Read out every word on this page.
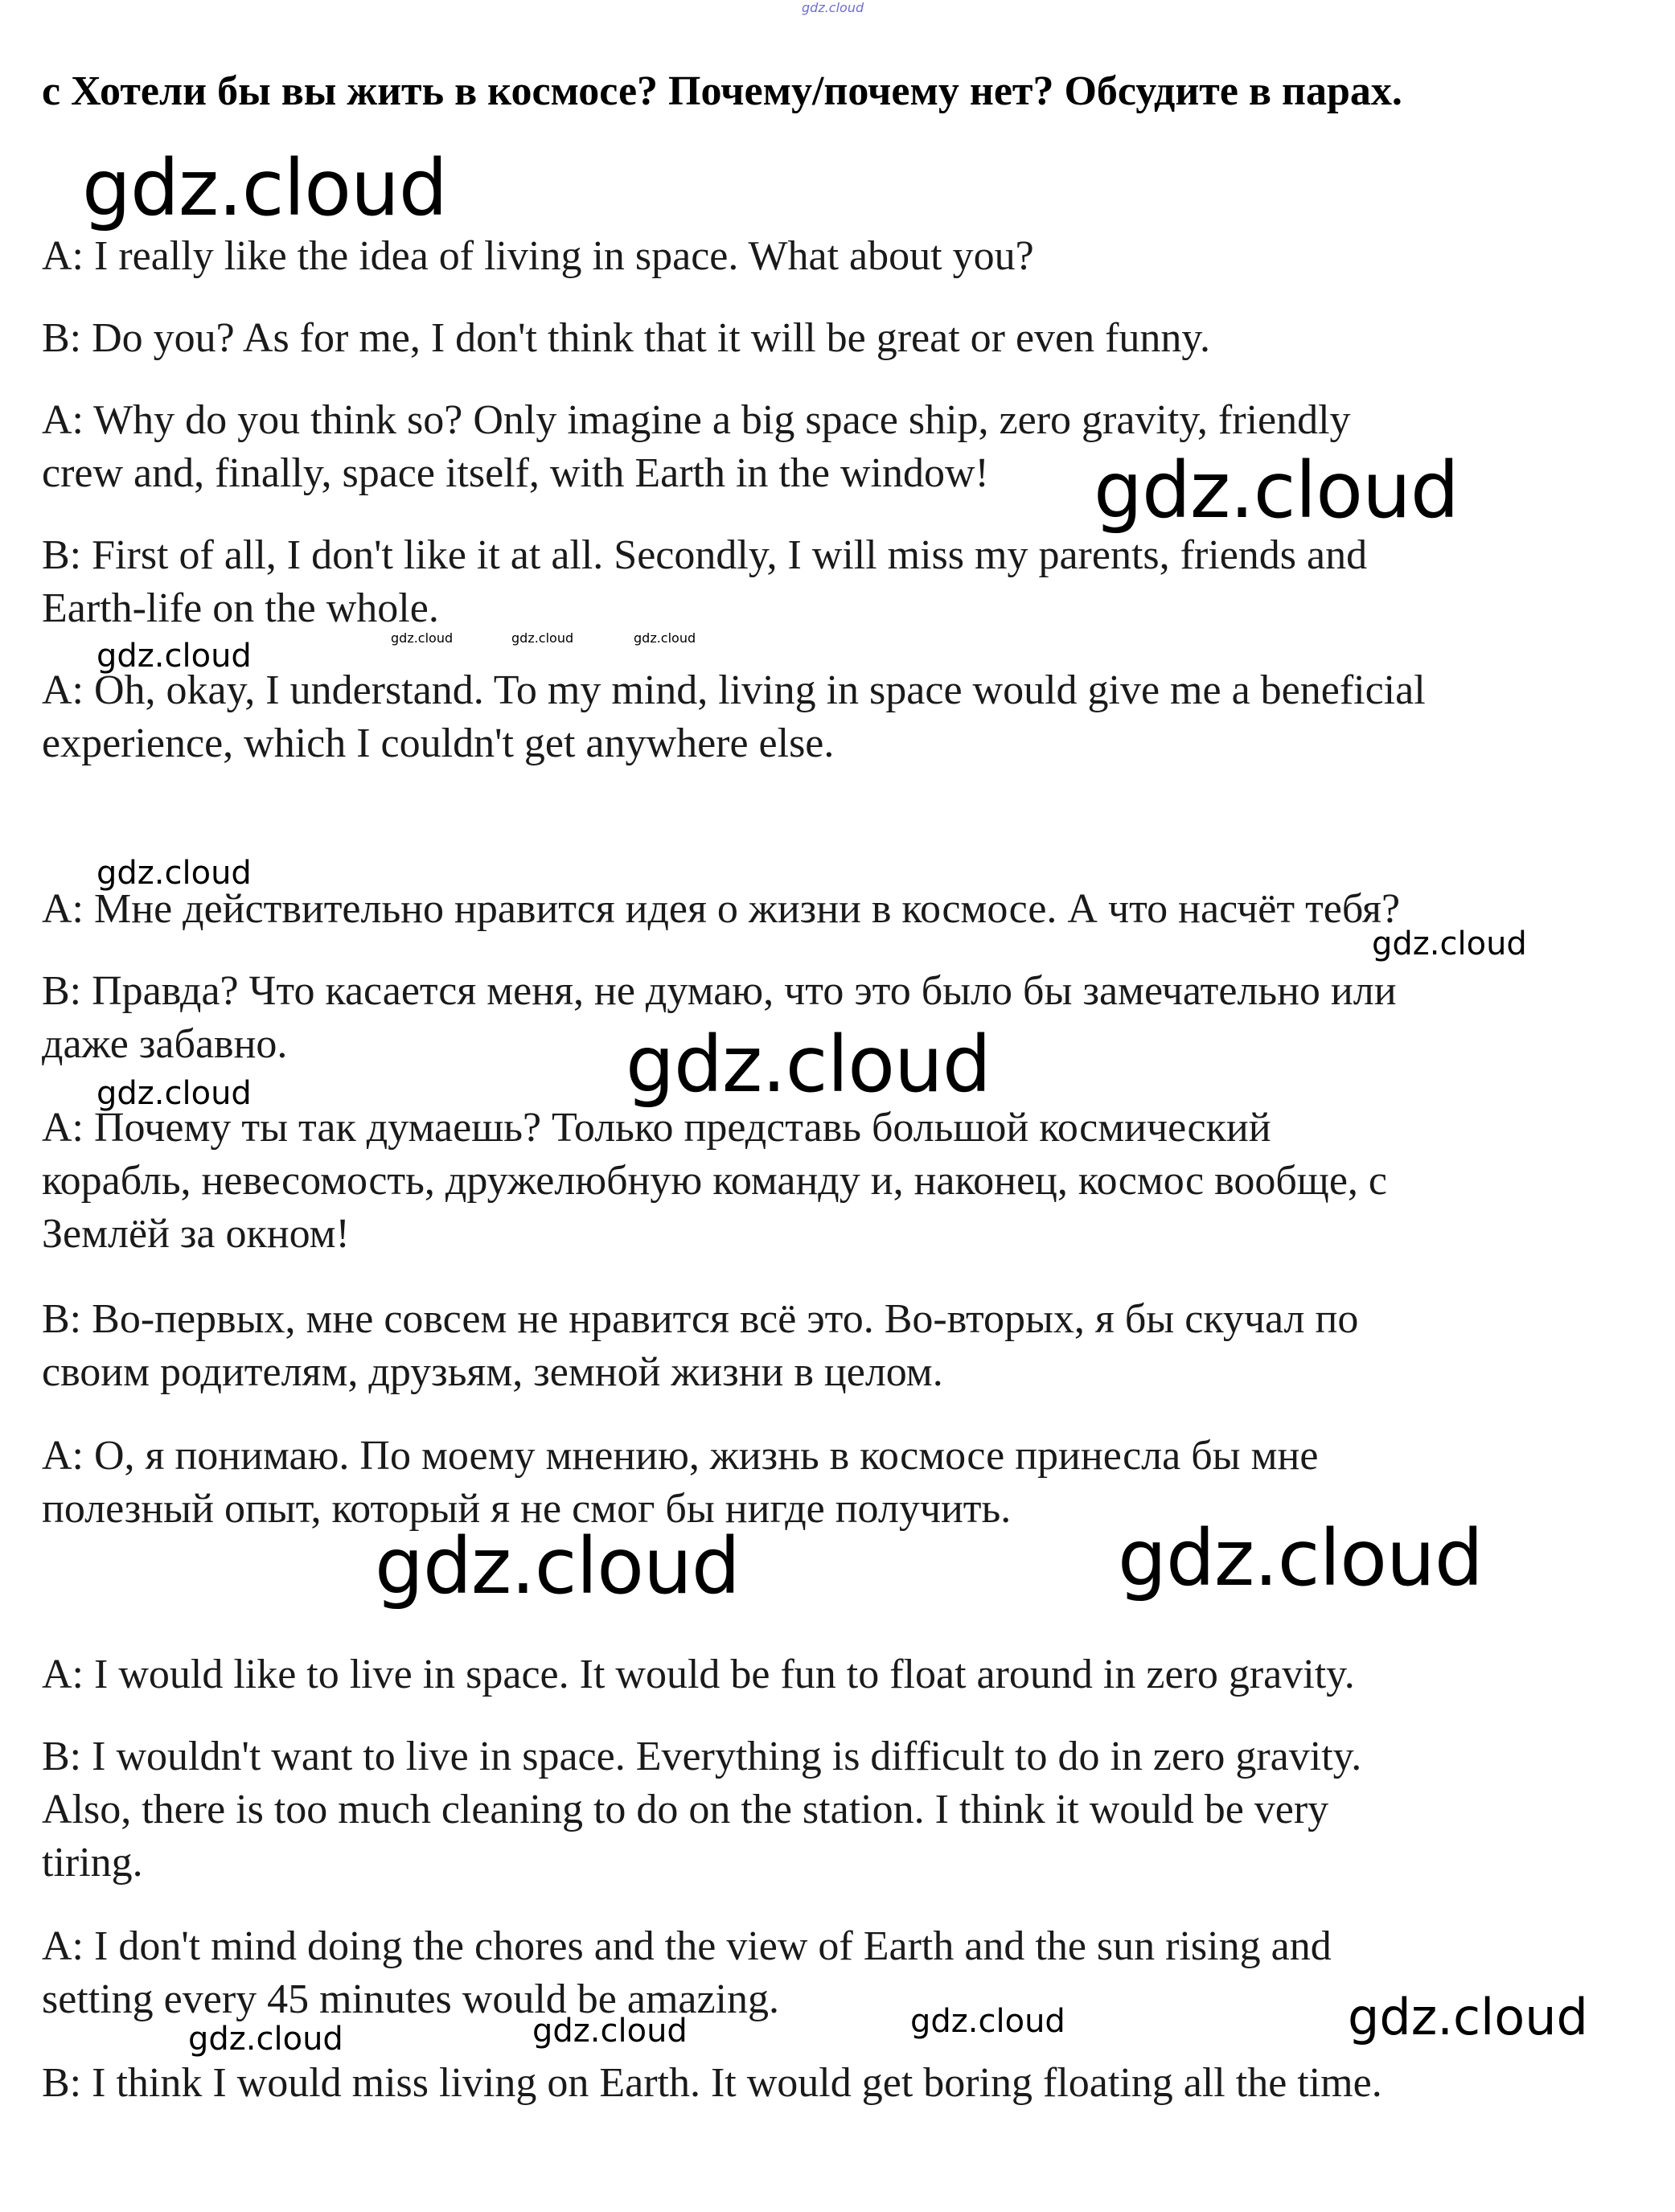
gdz.cloud
с Хотели бы вы жить в космосе? Почему/почему нет? Обсудите в парах.
A: I really like the idea of living in space. What about you?
B: Do you? As for me, I don't think that it will be great or even funny.
A: Why do you think so? Only imagine a big space ship, zero gravity, friendly
crew and, finally, space itself, with Earth in the window!
B: First of all, I don't like it at all. Secondly, I will miss my parents, friends and
Earth-life on the whole.
A: Oh, okay, I understand. To my mind, living in space would give me a beneficial
experience, which I couldn't get anywhere else.
A: Мне действительно нравится идея о жизни в космосе. А что насчёт тебя?
B: Правда? Что касается меня, не думаю, что это было бы замечательно или
даже забавно.
A: Почему ты так думаешь? Только представь большой космический
корабль, невесомость, дружелюбную команду и, наконец, космос вообще, с
Землёй за окном!
B: Во-первых, мне совсем не нравится всё это. Во-вторых, я бы скучал по
своим родителям, друзьям, земной жизни в целом.
A: О, я понимаю. По моему мнению, жизнь в космосе принесла бы мне
полезный опыт, который я не смог бы нигде получить.
A: I would like to live in space. It would be fun to float around in zero gravity.
B: I wouldn't want to live in space. Everything is difficult to do in zero gravity.
Also, there is too much cleaning to do on the station. I think it would be very
tiring.
A: I don't mind doing the chores and the view of Earth and the sun rising and
setting every 45 minutes would be amazing.
B: I think I would miss living on Earth. It would get boring floating all the time.
gdz.cloud
gdz.cloud
gdz.cloud	gdz.cloud	gdz.cloud	gdz.cloud
gdz.cloud
gdz.cloud
gdz.cloud
gdz.cloud
gdz.cloud	gdz.cloud
gdz.cloud	gdz.cloud	gdz.cloud	gdz.cloud
